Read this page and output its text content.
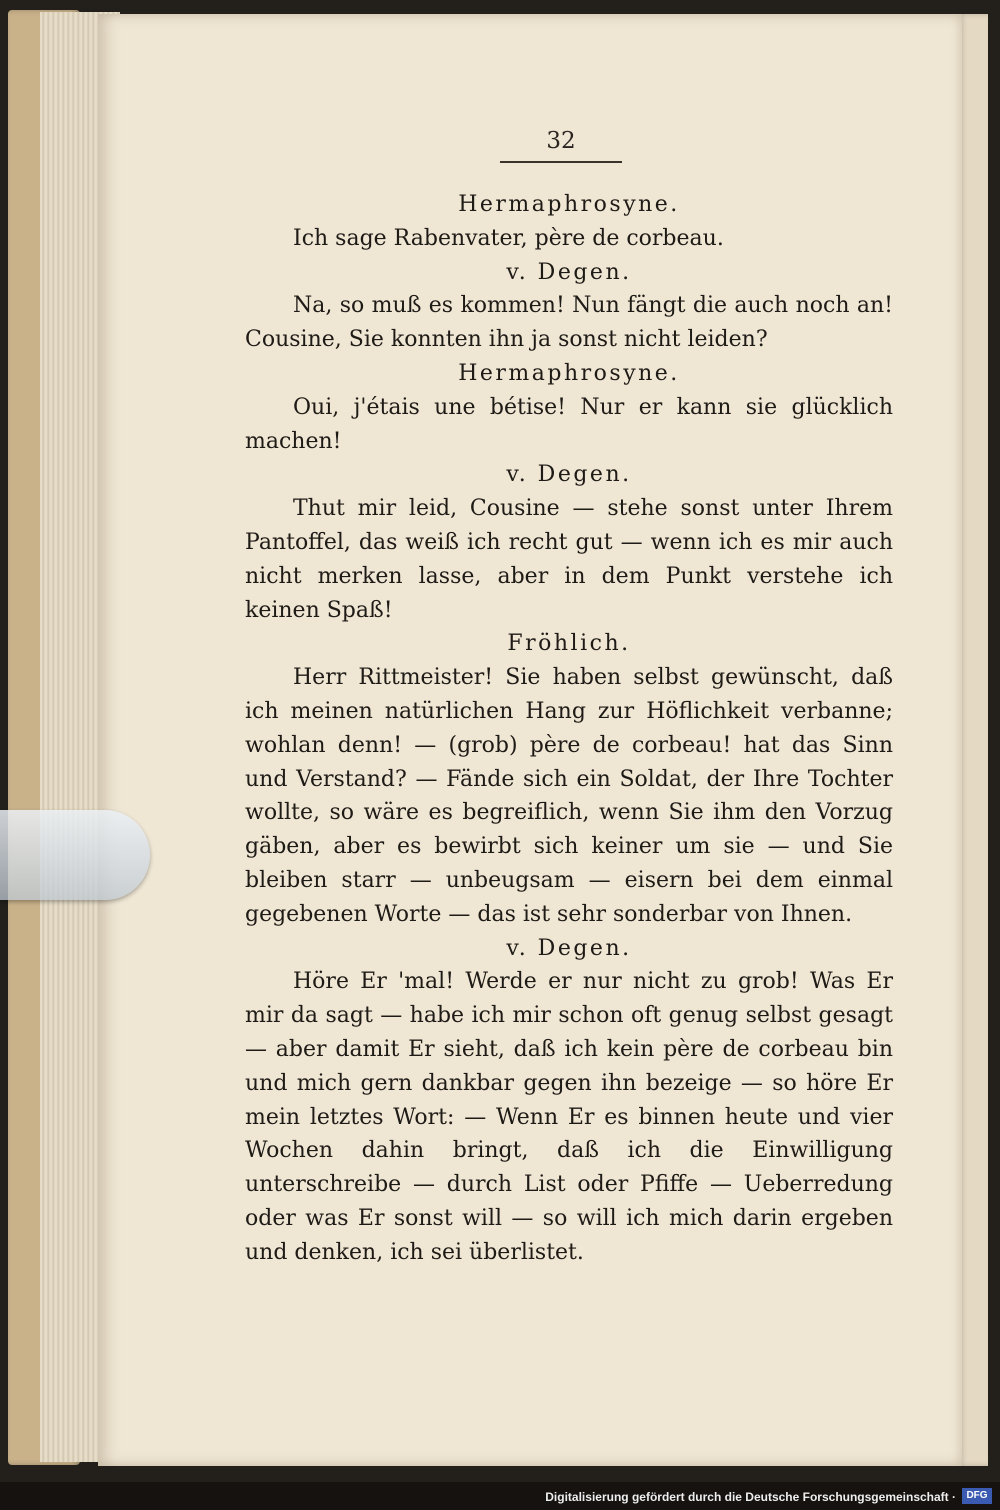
32

Hermaphrosyne.

Ich sage Rabenvater, père de corbeau.

v. Degen.

Na, so muß es kommen! Nun fängt die auch noch an! Cousine, Sie konnten ihn ja sonst nicht leiden?

Hermaphrosyne.

Oui, j'étais une bétise! Nur er kann sie glücklich machen!

v. Degen.

Thut mir leid, Cousine — stehe sonst unter Ihrem Pantoffel, das weiß ich recht gut — wenn ich es mir auch nicht merken lasse, aber in dem Punkt verstehe ich keinen Spaß!

Fröhlich.

Herr Rittmeister! Sie haben selbst gewünscht, daß ich meinen natürlichen Hang zur Höflichkeit verbanne; wohlan denn! — (grob) père de corbeau! hat das Sinn und Verstand? — Fände sich ein Soldat, der Ihre Tochter wollte, so wäre es begreiflich, wenn Sie ihm den Vorzug gäben, aber es bewirbt sich keiner um sie — und Sie bleiben starr — unbeugsam — eisern bei dem einmal gegebenen Worte — das ist sehr sonderbar von Ihnen.

v. Degen.

Höre Er 'mal! Werde er nur nicht zu grob! Was Er mir da sagt — habe ich mir schon oft genug selbst gesagt — aber damit Er sieht, daß ich kein père de corbeau bin und mich gern dankbar gegen ihn bezeige — so höre Er mein letztes Wort: — Wenn Er es binnen heute und vier Wochen dahin bringt, daß ich die Einwilligung unterschreibe — durch List oder Pfiffe — Ueberredung oder was Er sonst will — so will ich mich darin ergeben und denken, ich sei überlistet.

Digitalisierung gefördert durch die Deutsche Forschungsgemeinschaft ·	DFG
